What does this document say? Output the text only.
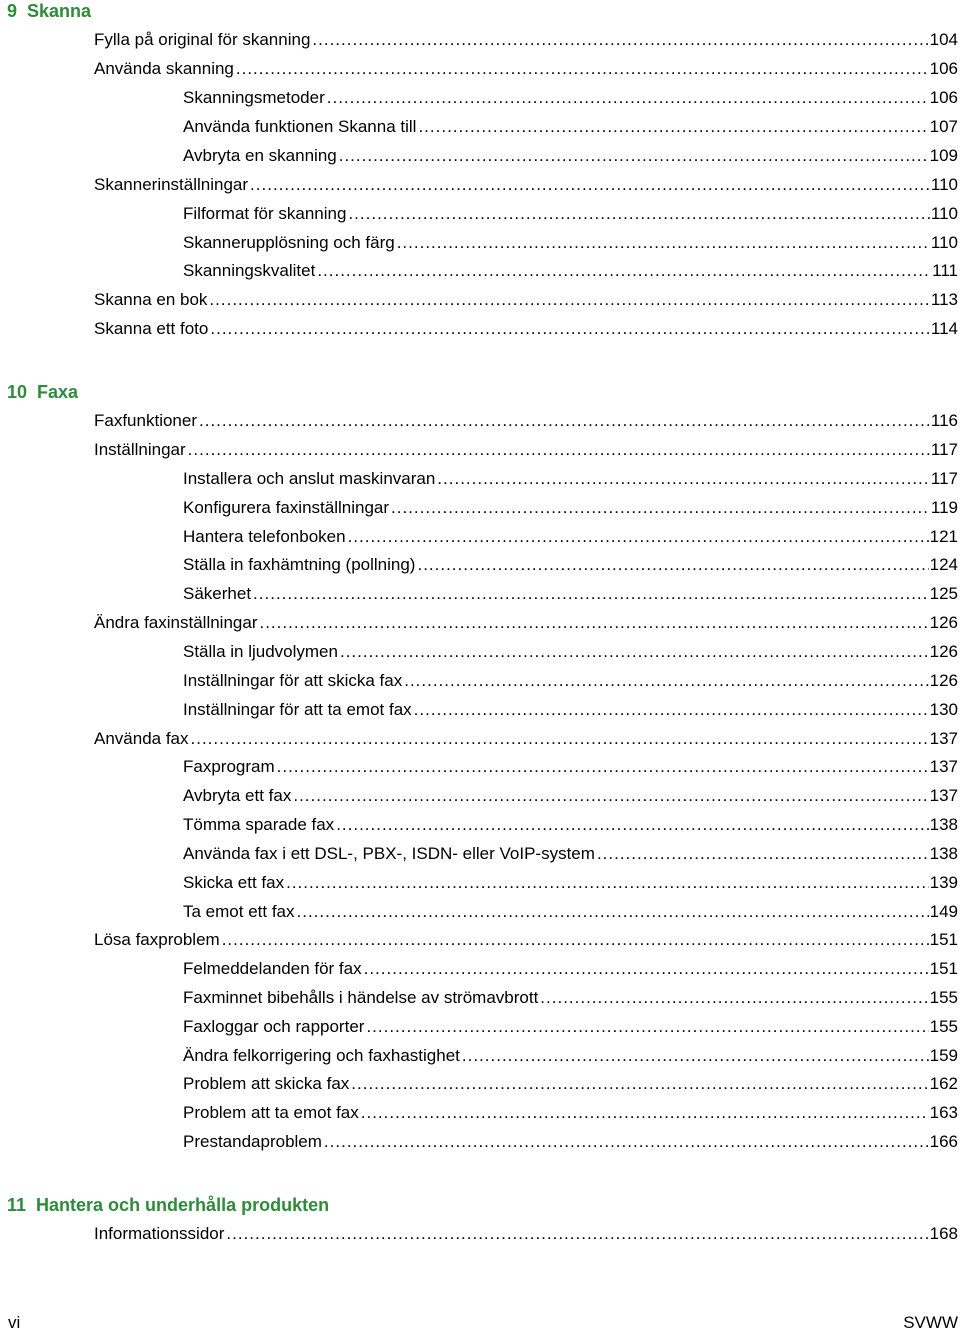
9 Skanna
Fylla på original för skanning .....	104
Använda skanning .....	106
Skanningsmetoder .....	106
Använda funktionen Skanna till .....	107
Avbryta en skanning .....	109
Skannerinställningar .....	110
Filformat för skanning .....	110
Skannerupplösning och färg .....	110
Skanningskvalitet .....	111
Skanna en bok .....	113
Skanna ett foto .....	114
10 Faxa
Faxfunktioner .....	116
Inställningar .....	117
Installera och anslut maskinvaran .....	117
Konfigurera faxinställningar .....	119
Hantera telefonboken .....	121
Ställa in faxhämtning (pollning) .....	124
Säkerhet .....	125
Ändra faxinställningar .....	126
Ställa in ljudvolymen .....	126
Inställningar för att skicka fax .....	126
Inställningar för att ta emot fax .....	130
Använda fax .....	137
Faxprogram .....	137
Avbryta ett fax .....	137
Tömma sparade fax .....	138
Använda fax i ett DSL-, PBX-, ISDN- eller VoIP-system .....	138
Skicka ett fax .....	139
Ta emot ett fax .....	149
Lösa faxproblem .....	151
Felmeddelanden för fax .....	151
Faxminnet bibehålls i händelse av strömavbrott .....	155
Faxloggar och rapporter .....	155
Ändra felkorrigering och faxhastighet .....	159
Problem att skicka fax .....	162
Problem att ta emot fax .....	163
Prestandaproblem .....	166
11 Hantera och underhålla produkten
Informationssidor .....	168
vi	SVWW
